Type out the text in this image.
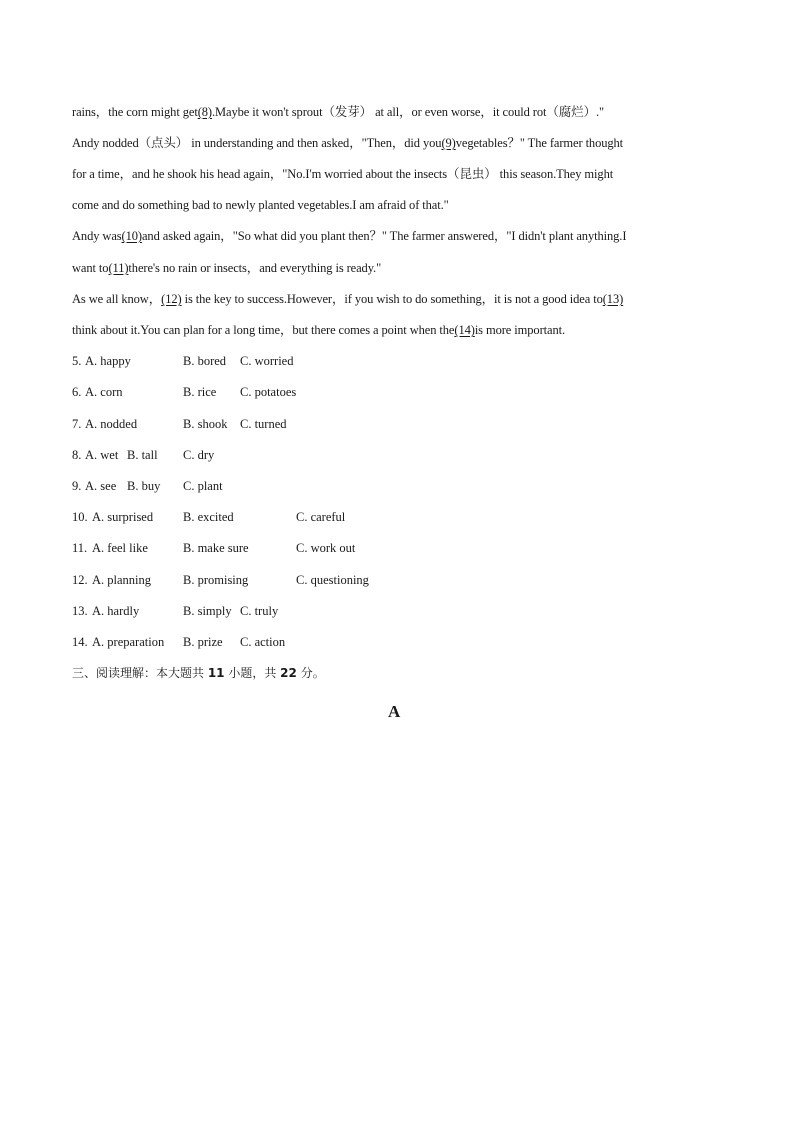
rains，the corn might get(8).Maybe it won't sprout（发芽） at all，or even worse，it could rot（腐烂）."
Andy nodded（点头） in understanding and then asked，"Then，did you(9)vegetables？" The farmer thought
for a time，and he shook his head again，"No.I'm worried about the insects（昆虫） this season.They might
come and do something bad to newly planted vegetables.I am afraid of that."
Andy was(10)and asked again，"So what did you plant then？" The farmer answered，"I didn't plant anything.I
want to(11)there's no rain or insects，and everything is ready."
As we all know，(12) is the key to success.However，if you wish to do something，it is not a good idea to(13)
think about it.You can plan for a long time，but there comes a point when the(14)is more important.
5. A. happy	B. bored C. worried
6. A. corn	B. rice C. potatoes
7. A. nodded	B. shook C. turned
8. A. wet B. tall C. dry
9. A. see B. buy C. plant
10. A. surprised B. excited	C. careful
11. A. feel like	B. make sure	C. work out
12. A. planning	B. promising	C. questioning
13. A. hardly	B. simply C. truly
14. A. preparation B. prize C. action
三、阅读理解：本大题共 11 小题，共 22 分。
A
